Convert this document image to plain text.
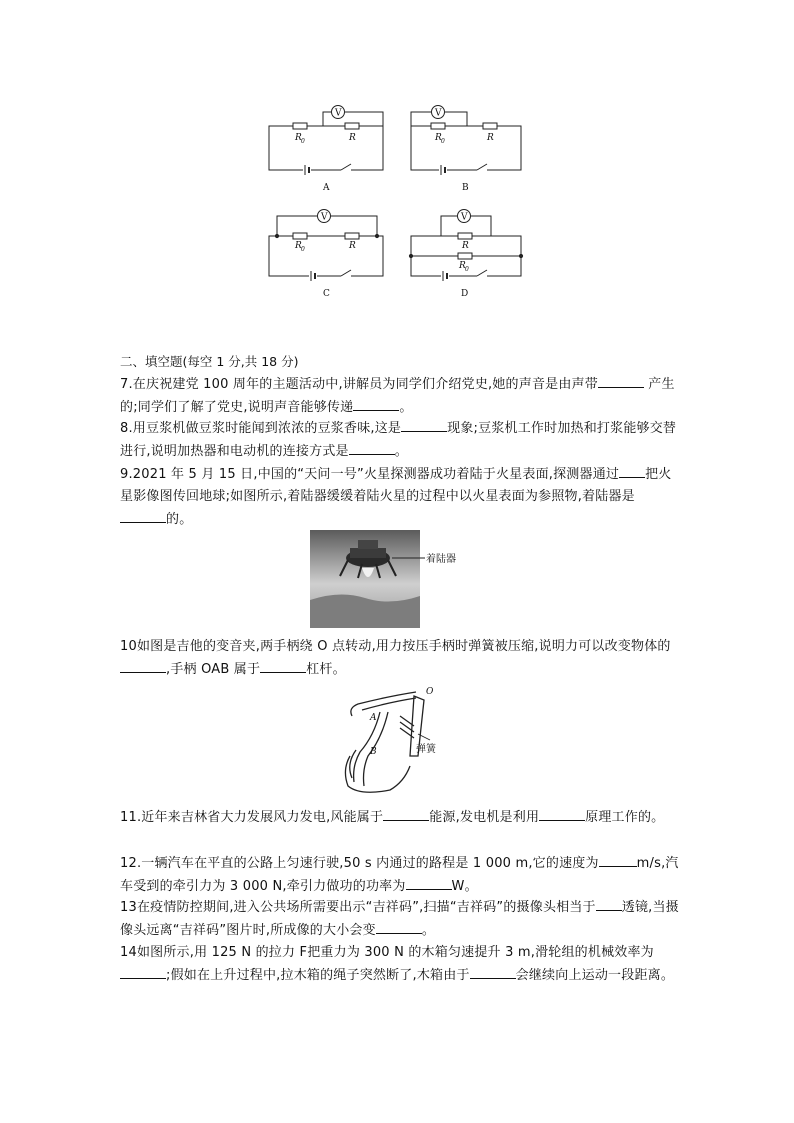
V	V
V	V
R 0	R	R 0	R
R 0	R	R
R 0
A	B
C	D
二、填空题(每空 1 分,共 18 分)
7.在庆祝建党 100 周年的主题活动中,讲解员为同学们介绍党史,她的声音是由声带	产生的;同学们了解了党史,说明声音能够传递	。
8.用豆浆机做豆浆时能闻到浓浓的豆浆香味,这是	现象;豆浆机工作时加热和打浆能够交替进行,说明加热器和电动机的连接方式是	。
9.2021 年 5 月 15 日,中国的“天问一号”火星探测器成功着陆于火星表面,探测器通过 把火星影像图传回地球;如图所示,着陆器缓缓着陆火星的过程中以火星表面为参照物,着陆器是的。
着陆器
10如图是吉他的变音夹,两手柄绕 O 点转动,用力按压手柄时弹簧被压缩,说明力可以改变物体的,手柄 OAB 属于	杠杆。
O
A
B	弹簧
11.近年来吉林省大力发展风力发电,风能属于	能源,发电机是利用	原理工作的。
12.一辆汽车在平直的公路上匀速行驶,50 s 内通过的路程是 1 000 m,它的速度为	m/s,汽车受到的牵引力为 3 000 N,牵引力做功的功率为	W。
13在疫情防控期间,进入公共场所需要出示“吉祥码”,扫描“吉祥码”的摄像头相当于 透镜,当摄像头远离“吉祥码”图片时,所成像的大小会变	。
14如图所示,用 125 N 的拉力 F把重力为 300 N 的木箱匀速提升 3 m,滑轮组的机械效率为;假如在上升过程中,拉木箱的绳子突然断了,木箱由于	会继续向上运动一段距离。
